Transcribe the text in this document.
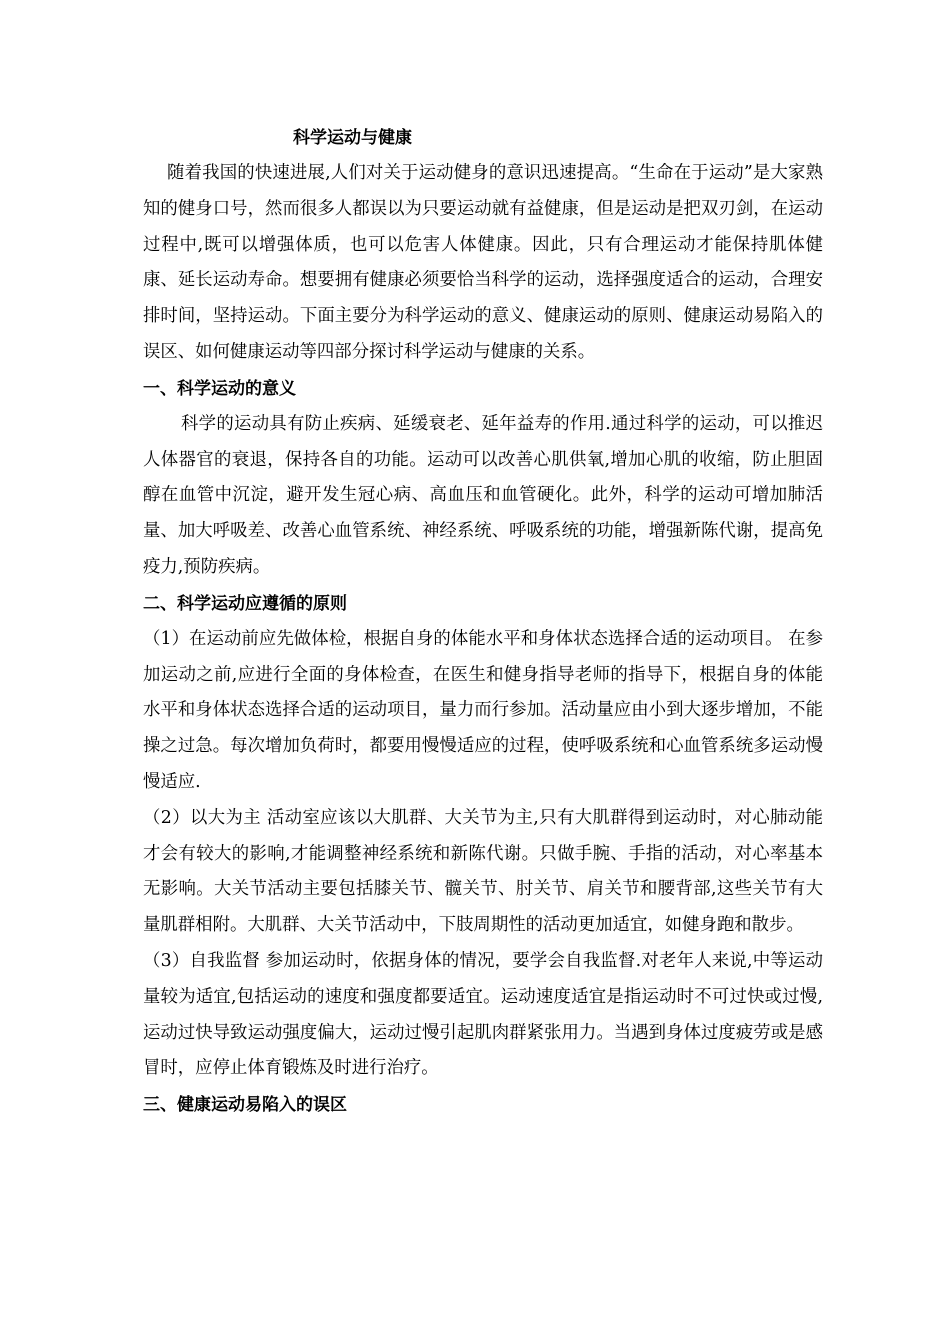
科学运动与健康

随着我国的快速进展,人们对关于运动健身的意识迅速提高。“生命在于运动”是大家熟知的健身口号，然而很多人都误以为只要运动就有益健康，但是运动是把双刃剑，在运动过程中,既可以增强体质，也可以危害人体健康。因此，只有合理运动才能保持肌体健康、延长运动寿命。想要拥有健康必须要恰当科学的运动，选择强度适合的运动，合理安排时间，坚持运动。下面主要分为科学运动的意义、健康运动的原则、健康运动易陷入的误区、如何健康运动等四部分探讨科学运动与健康的关系。

一、科学运动的意义

科学的运动具有防止疾病、延缓衰老、延年益寿的作用.通过科学的运动，可以推迟人体器官的衰退，保持各自的功能。运动可以改善心肌供氧,增加心肌的收缩，防止胆固醇在血管中沉淀，避开发生冠心病、高血压和血管硬化。此外，科学的运动可增加肺活量、加大呼吸差、改善心血管系统、神经系统、呼吸系统的功能，增强新陈代谢，提高免疫力,预防疾病。

二、科学运动应遵循的原则

（1）在运动前应先做体检，根据自身的体能水平和身体状态选择合适的运动项目。 在参加运动之前,应进行全面的身体检查，在医生和健身指导老师的指导下，根据自身的体能水平和身体状态选择合适的运动项目，量力而行参加。活动量应由小到大逐步增加，不能操之过急。每次增加负荷时，都要用慢慢适应的过程，使呼吸系统和心血管系统多运动慢慢适应.

（2）以大为主 活动室应该以大肌群、大关节为主,只有大肌群得到运动时，对心肺动能才会有较大的影响,才能调整神经系统和新陈代谢。只做手腕、手指的活动，对心率基本无影响。大关节活动主要包括膝关节、髋关节、肘关节、肩关节和腰背部,这些关节有大量肌群相附。大肌群、大关节活动中，下肢周期性的活动更加适宜，如健身跑和散步。

（3）自我监督 参加运动时，依据身体的情况，要学会自我监督.对老年人来说,中等运动量较为适宜,包括运动的速度和强度都要适宜。运动速度适宜是指运动时不可过快或过慢,运动过快导致运动强度偏大，运动过慢引起肌肉群紧张用力。当遇到身体过度疲劳或是感冒时，应停止体育锻炼及时进行治疗。

三、健康运动易陷入的误区
